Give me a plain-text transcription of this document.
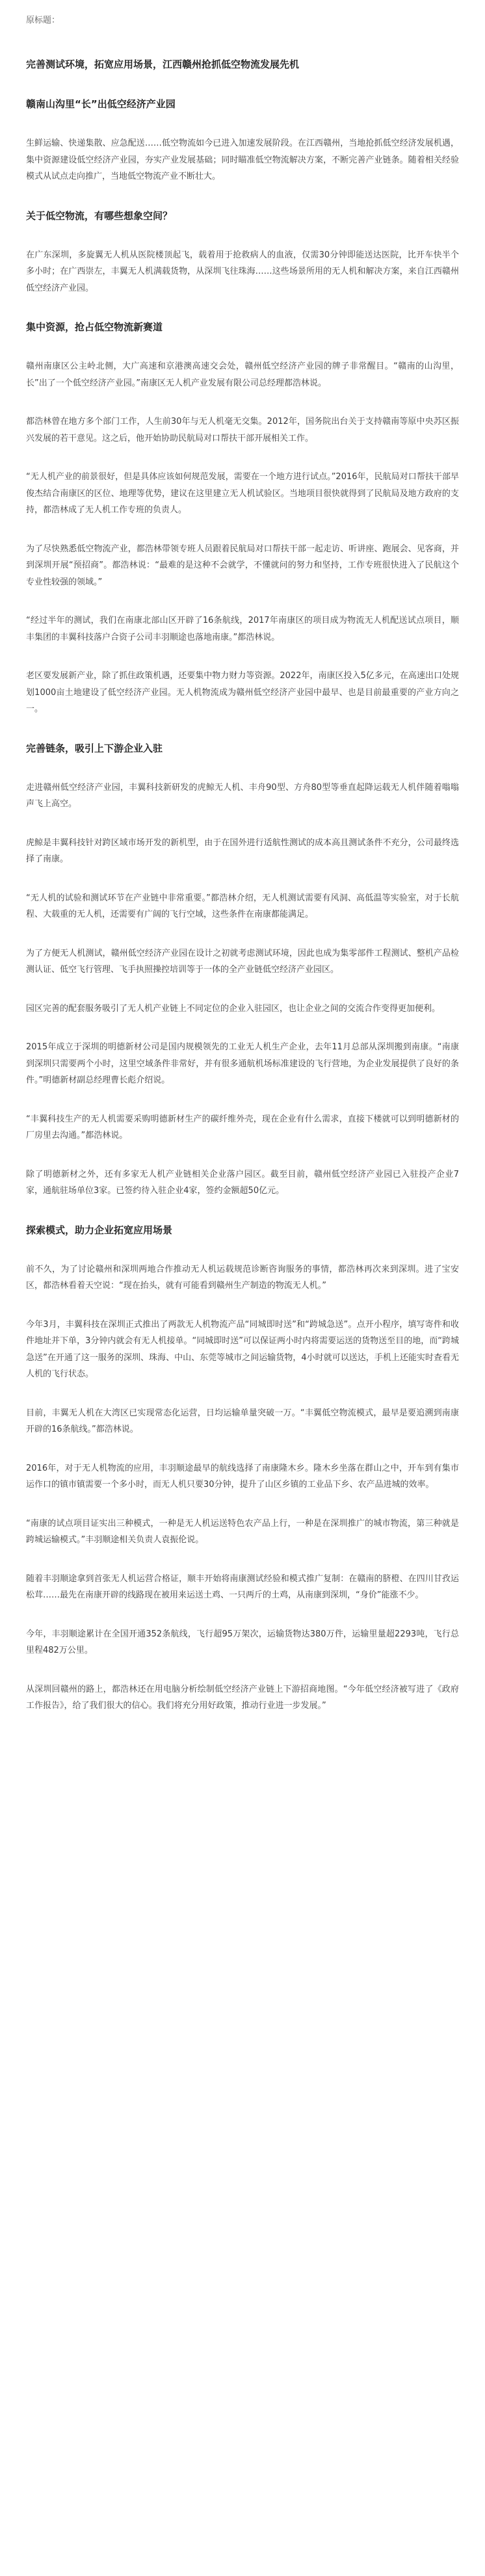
原标题：
完善测试环境，拓宽应用场景，江西赣州抢抓低空物流发展先机
赣南山沟里“长”出低空经济产业园
生鲜运输、快递集散、应急配送……低空物流如今已进入加速发展阶段。在江西赣州，当地抢抓低空经济发展机遇，集中资源建设低空经济产业园，夯实产业发展基础；同时瞄准低空物流解决方案，不断完善产业链条。随着相关经验模式从试点走向推广，当地低空物流产业不断壮大。
关于低空物流，有哪些想象空间？
在广东深圳，多旋翼无人机从医院楼顶起飞，载着用于抢救病人的血液，仅需30分钟即能送达医院，比开车快半个多小时；在广西崇左，丰翼无人机满载货物，从深圳飞往珠海……这些场景所用的无人机和解决方案，来自江西赣州低空经济产业园。
集中资源，抢占低空物流新赛道
赣州南康区公主岭北侧，大广高速和京港澳高速交会处，赣州低空经济产业园的牌子非常醒目。“赣南的山沟里，长”出了一个低空经济产业园。”南康区无人机产业发展有限公司总经理都浩林说。
都浩林曾在地方多个部门工作，人生前30年与无人机毫无交集。2012年，国务院出台关于支持赣南等原中央苏区振兴发展的若干意见。这之后，他开始协助民航局对口帮扶干部开展相关工作。
“无人机产业的前景很好，但是具体应该如何规范发展，需要在一个地方进行试点。”2016年，民航局对口帮扶干部早俊杰结合南康区的区位、地理等优势，建议在这里建立无人机试验区。当地项目很快就得到了民航局及地方政府的支持，都浩林成了无人机工作专班的负责人。
为了尽快熟悉低空物流产业，都浩林带领专班人员跟着民航局对口帮扶干部一起走访、听讲座、跑展会、见客商，并到深圳开展“预招商”。都浩林说：“最难的是这种不会就学，不懂就问的努力和坚持，工作专班很快进入了民航这个专业性较强的领域。”
“经过半年的测试，我们在南康北部山区开辟了16条航线，2017年南康区的项目成为物流无人机配送试点项目，顺丰集团的丰翼科技落户合资子公司丰羽顺途也落地南康。”都浩林说。
老区要发展新产业，除了抓住政策机遇，还要集中物力财力等资源。2022年，南康区投入5亿多元，在高速出口处规划1000亩土地建设了低空经济产业园。无人机物流成为赣州低空经济产业园中最早、也是目前最重要的产业方向之一。
完善链条，吸引上下游企业入驻
走进赣州低空经济产业园，丰翼科技新研发的虎鲸无人机、丰舟90型、方舟80型等垂直起降运载无人机伴随着嗡嗡声飞上高空。
虎鲸是丰翼科技针对跨区域市场开发的新机型，由于在国外进行适航性测试的成本高且测试条件不充分，公司最终选择了南康。
“无人机的试验和测试环节在产业链中非常重要。”都浩林介绍，无人机测试需要有风洞、高低温等实验室，对于长航程、大载重的无人机，还需要有广阔的飞行空域，这些条件在南康都能满足。
为了方便无人机测试，赣州低空经济产业园在设计之初就考虑测试环境，因此也成为集零部件工程测试、整机产品检测认证、低空飞行管理、飞手执照操控培训等于一体的全产业链低空经济产业园区。
园区完善的配套服务吸引了无人机产业链上不同定位的企业入驻园区，也让企业之间的交流合作变得更加便利。
2015年成立于深圳的明德新材公司是国内规模领先的工业无人机生产企业，去年11月总部从深圳搬到南康。“南康到深圳只需要两个小时，这里空域条件非常好，并有很多通航机场标准建设的飞行营地，为企业发展提供了良好的条件。”明德新材副总经理曹长彪介绍说。
“丰翼科技生产的无人机需要采购明德新材生产的碳纤维外壳，现在企业有什么需求，直接下楼就可以到明德新材的厂房里去沟通。”都浩林说。
除了明德新材之外，还有多家无人机产业链相关企业落户园区。截至目前，赣州低空经济产业园已入驻投产企业7家，通航驻场单位3家。已签约待入驻企业4家，签约金额超50亿元。
探索模式，助力企业拓宽应用场景
前不久，为了讨论赣州和深圳两地合作推动无人机运载规范诊断咨询服务的事情，都浩林再次来到深圳。进了宝安区，都浩林看着天空说：“现在抬头，就有可能看到赣州生产制造的物流无人机。”
今年3月，丰翼科技在深圳正式推出了两款无人机物流产品“同城即时送”和“跨城急送”。点开小程序，填写寄件和收件地址并下单，3分钟内就会有无人机接单。“同城即时送”可以保证两小时内将需要运送的货物送至目的地，而“跨城急送”在开通了这一服务的深圳、珠海、中山、东莞等城市之间运输货物，4小时就可以送达，手机上还能实时查看无人机的飞行状态。
目前，丰翼无人机在大湾区已实现常态化运营，日均运输单量突破一万。“丰翼低空物流模式，最早是要追溯到南康开辟的16条航线。”都浩林说。
2016年，对于无人机物流的应用，丰羽顺途最早的航线选择了南康隆木乡。隆木乡坐落在群山之中，开车到有集市运作口的镇市镇需要一个多小时，而无人机只要30分钟，提升了山区乡镇的工业品下乡、农产品进城的效率。
“南康的试点项目证实出三种模式，一种是无人机运送特色农产品上行，一种是在深圳推广的城市物流，第三种就是跨城运输模式。”丰羽顺途相关负责人袁振伦说。
随着丰羽顺途拿到首张无人机运营合格证，顺丰开始将南康测试经验和模式推广复制：在赣南的脐橙、在四川甘孜运松茸……最先在南康开辟的线路现在被用来运送土鸡、一只两斤的土鸡，从南康到深圳，“身价”能涨不少。
今年，丰羽顺途累计在全国开通352条航线，飞行超95万架次，运输货物达380万件，运输里量超2293吨，飞行总里程482万公里。
从深圳回赣州的路上，都浩林还在用电脑分析绘制低空经济产业链上下游招商地图。“今年低空经济被写进了《政府工作报告》，给了我们很大的信心。我们将充分用好政策，推动行业进一步发展。”
